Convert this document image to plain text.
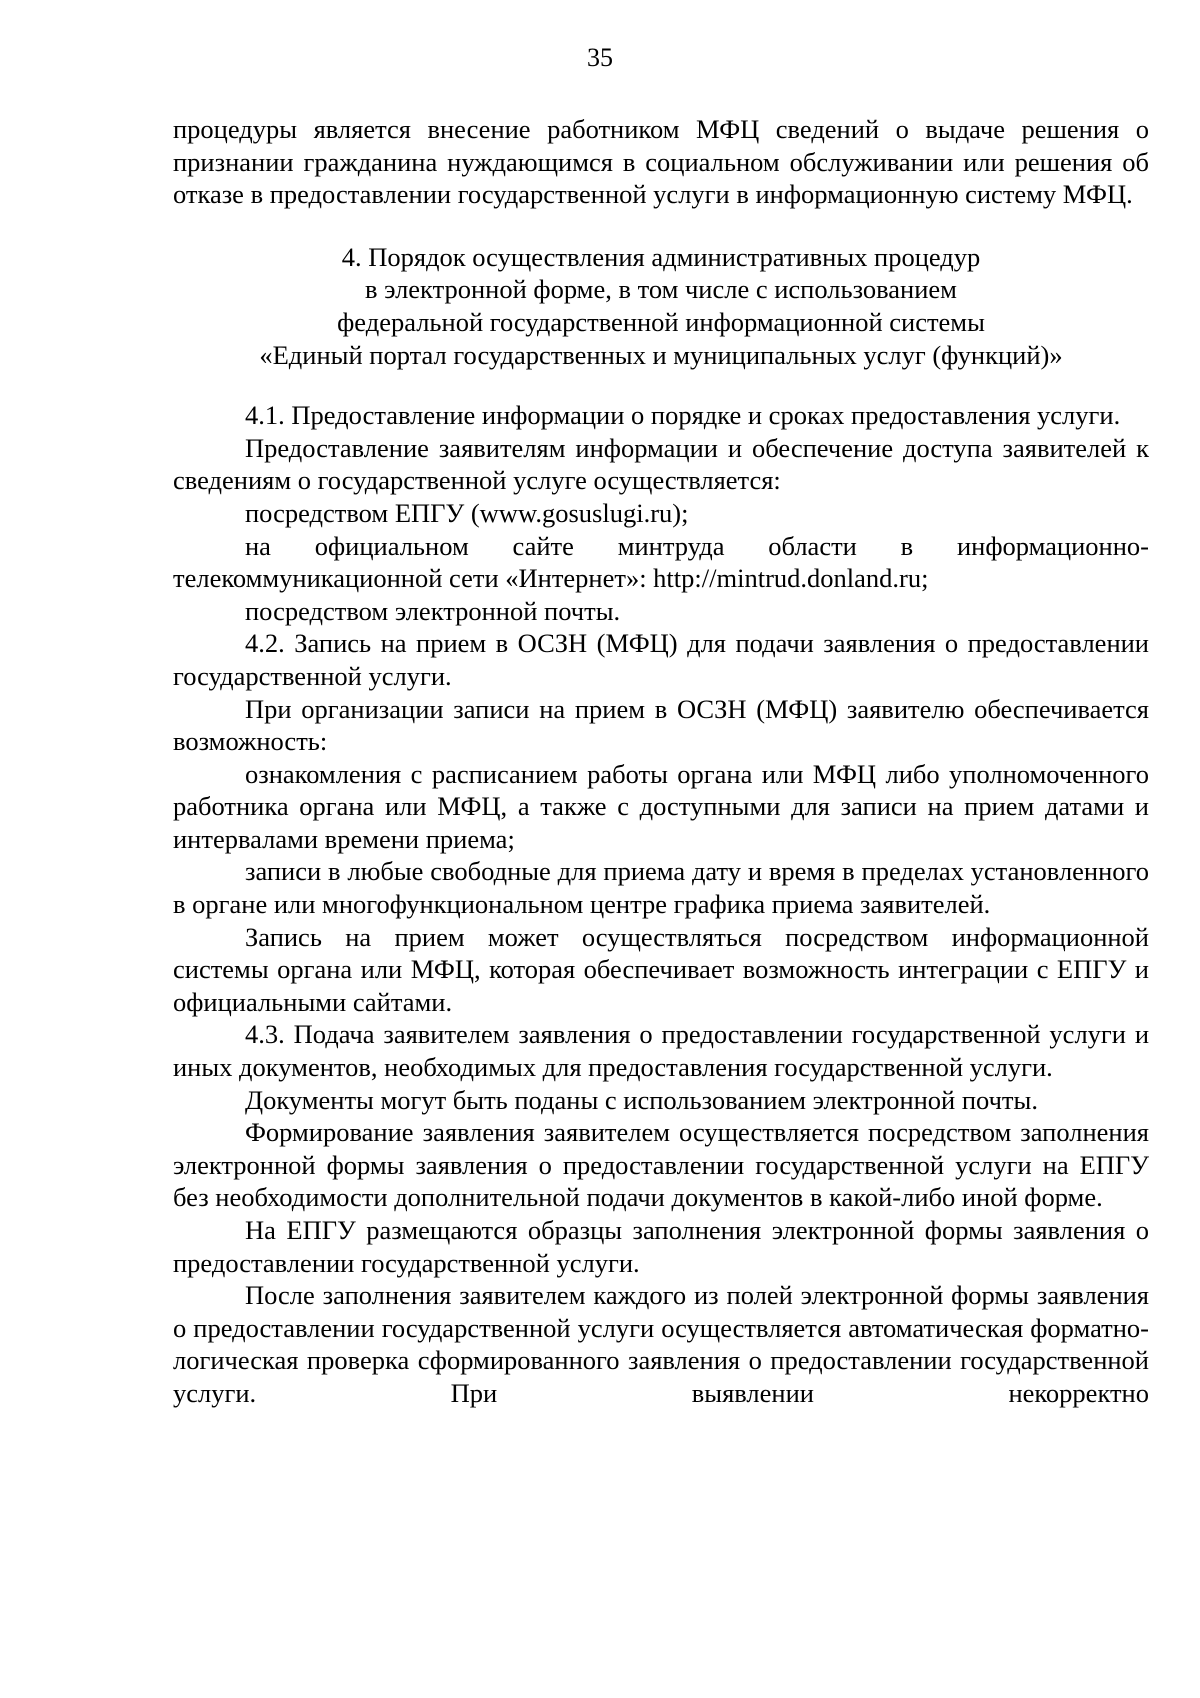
35

процедуры является внесение работником МФЦ сведений о выдаче решения о признании гражданина нуждающимся в социальном обслуживании или решения об отказе в предоставлении государственной услуги в информационную систему МФЦ.

4. Порядок осуществления административных процедур
в электронной форме, в том числе с использованием
федеральной государственной информационной системы
«Единый портал государственных и муниципальных услуг (функций)»

4.1. Предоставление информации о порядке и сроках предоставления услуги.

Предоставление заявителям информации и обеспечение доступа заявителей к сведениям о государственной услуге осуществляется:

посредством ЕПГУ (www.gosuslugi.ru);

на официальном сайте минтруда области в информационно-телекоммуникационной сети «Интернет»: http://mintrud.donland.ru;

посредством электронной почты.

4.2. Запись на прием в ОСЗН (МФЦ) для подачи заявления о предоставлении государственной услуги.

При организации записи на прием в ОСЗН (МФЦ) заявителю обеспечивается возможность:

ознакомления с расписанием работы органа или МФЦ либо уполномоченного работника органа или МФЦ, а также с доступными для записи на прием датами и интервалами времени приема;

записи в любые свободные для приема дату и время в пределах установленного в органе или многофункциональном центре графика приема заявителей.

Запись на прием может осуществляться посредством информационной системы органа или МФЦ, которая обеспечивает возможность интеграции с ЕПГУ и официальными сайтами.

4.3. Подача заявителем заявления о предоставлении государственной услуги и иных документов, необходимых для предоставления государственной услуги.

Документы могут быть поданы с использованием электронной почты.

Формирование заявления заявителем осуществляется посредством заполнения электронной формы заявления о предоставлении государственной услуги на ЕПГУ без необходимости дополнительной подачи документов в какой-либо иной форме.

На ЕПГУ размещаются образцы заполнения электронной формы заявления о предоставлении государственной услуги.

После заполнения заявителем каждого из полей электронной формы заявления о предоставлении государственной услуги осуществляется автоматическая форматно-логическая проверка сформированного заявления о предоставлении государственной услуги. При выявлении некорректно
